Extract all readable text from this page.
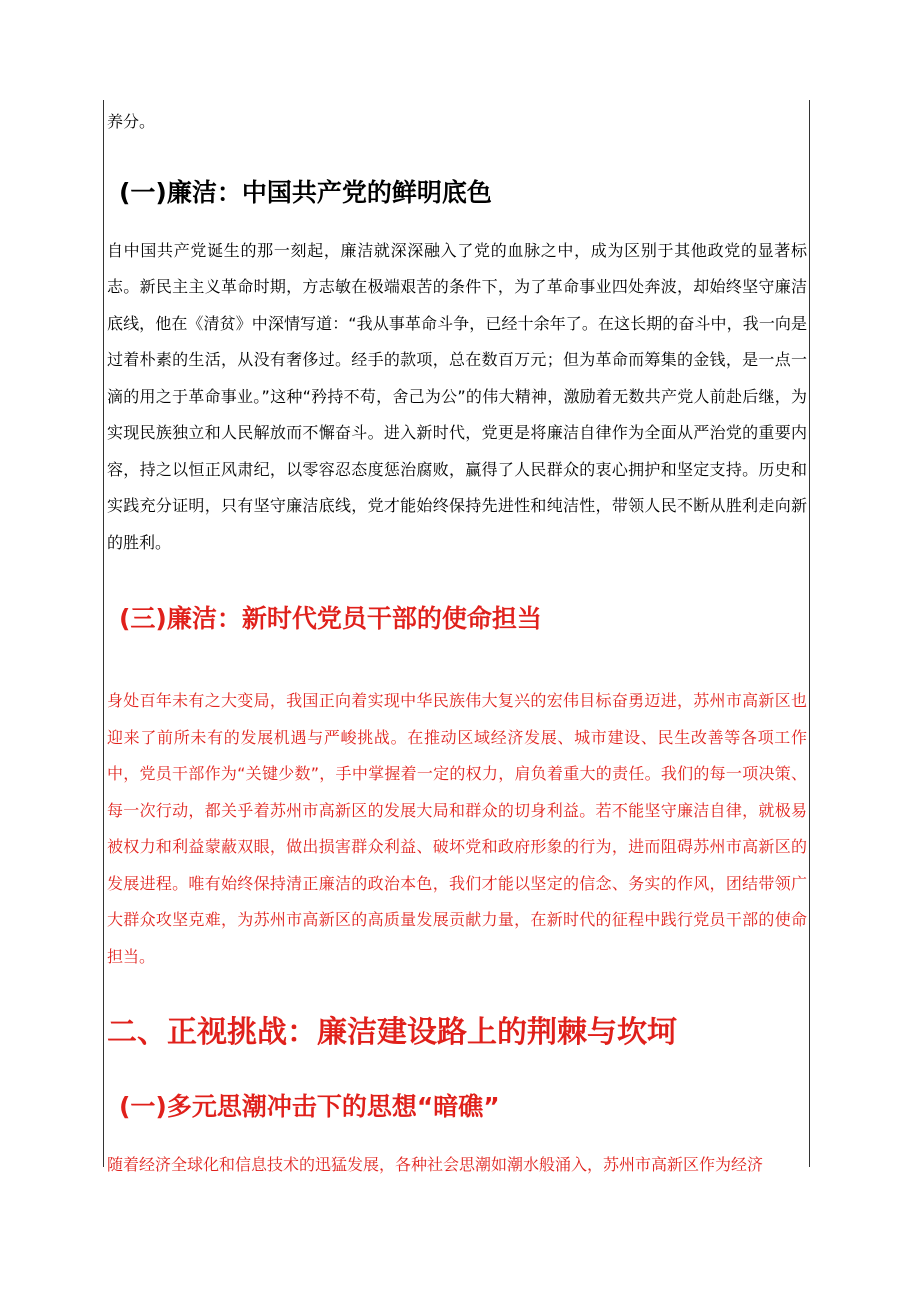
养分。

(一)廉洁：中国共产党的鲜明底色

自中国共产党诞生的那一刻起，廉洁就深深融入了党的血脉之中，成为区别于其他政党的显著标志。新民主主义革命时期，方志敏在极端艰苦的条件下，为了革命事业四处奔波，却始终坚守廉洁底线，他在《清贫》中深情写道：“我从事革命斗争，已经十余年了。在这长期的奋斗中，我一向是过着朴素的生活，从没有奢侈过。经手的款项，总在数百万元；但为革命而筹集的金钱，是一点一滴的用之于革命事业。”这种“矜持不苟，舍己为公”的伟大精神，激励着无数共产党人前赴后继，为实现民族独立和人民解放而不懈奋斗。进入新时代，党更是将廉洁自律作为全面从严治党的重要内容，持之以恒正风肃纪，以零容忍态度惩治腐败，赢得了人民群众的衷心拥护和坚定支持。历史和实践充分证明，只有坚守廉洁底线，党才能始终保持先进性和纯洁性，带领人民不断从胜利走向新的胜利。

(三)廉洁：新时代党员干部的使命担当

身处百年未有之大变局，我国正向着实现中华民族伟大复兴的宏伟目标奋勇迈进，苏州市高新区也迎来了前所未有的发展机遇与严峻挑战。在推动区域经济发展、城市建设、民生改善等各项工作中，党员干部作为“关键少数”，手中掌握着一定的权力，肩负着重大的责任。我们的每一项决策、每一次行动，都关乎着苏州市高新区的发展大局和群众的切身利益。若不能坚守廉洁自律，就极易被权力和利益蒙蔽双眼，做出损害群众利益、破坏党和政府形象的行为，进而阻碍苏州市高新区的发展进程。唯有始终保持清正廉洁的政治本色，我们才能以坚定的信念、务实的作风，团结带领广大群众攻坚克难，为苏州市高新区的高质量发展贡献力量，在新时代的征程中践行党员干部的使命担当。

二、正视挑战：廉洁建设路上的荆棘与坎坷
(一)多元思潮冲击下的思想“暗礁”

随着经济全球化和信息技术的迅猛发展，各种社会思潮如潮水般涌入，苏州市高新区作为经济
